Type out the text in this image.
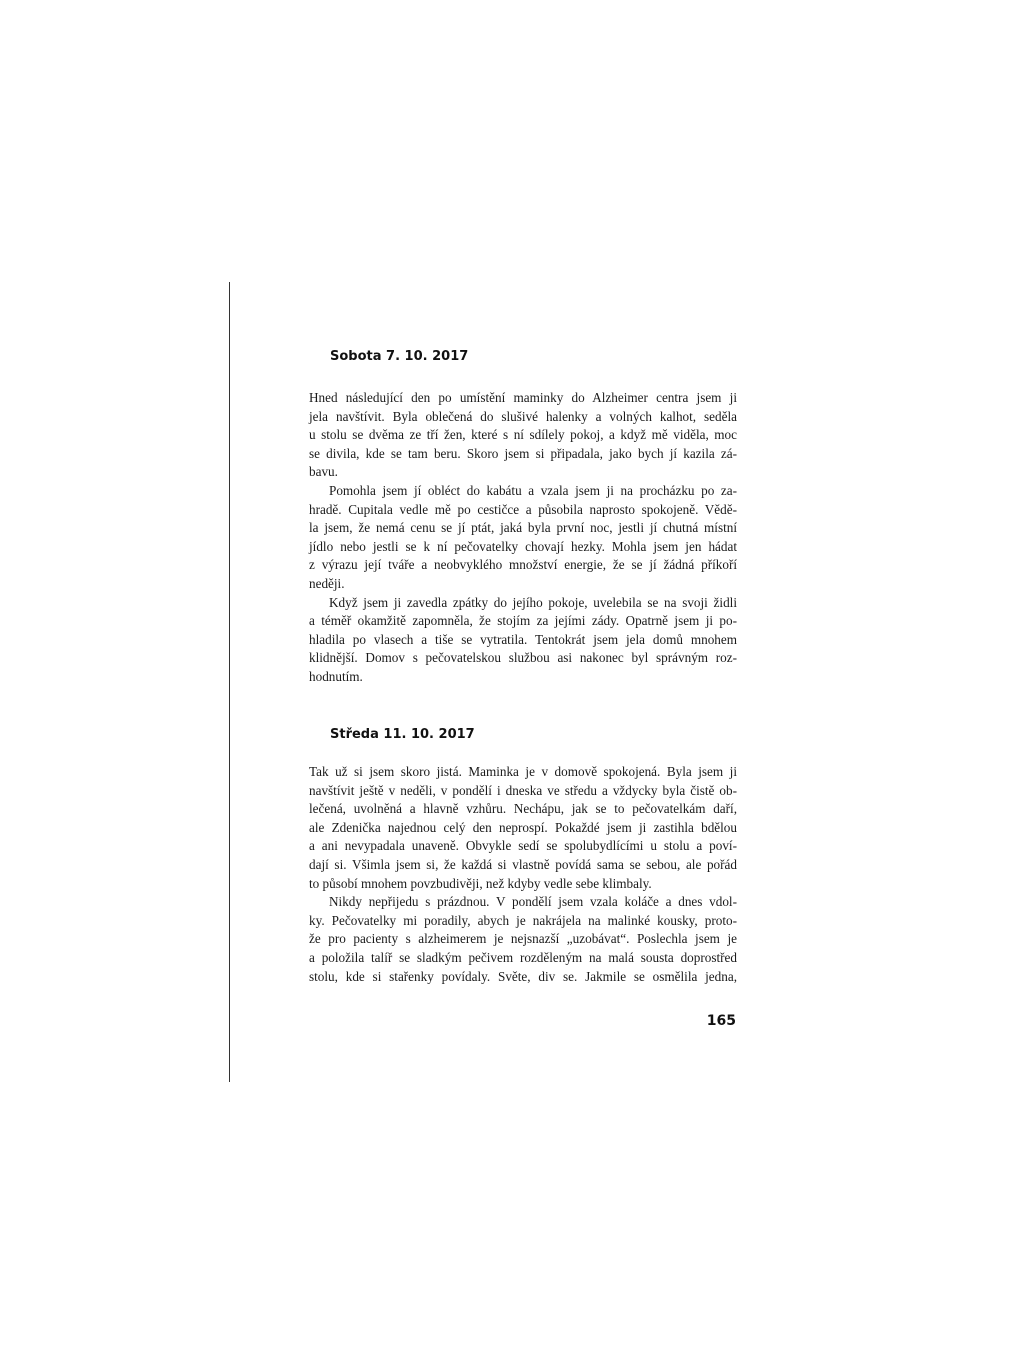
Sobota 7. 10. 2017
Hned následující den po umístění maminky do Alzheimer centra jsem ji
jela navštívit. Byla oblečená do slušivé halenky a volných kalhot, seděla
u stolu se dvěma ze tří žen, které s ní sdílely pokoj, a když mě viděla, moc
se divila, kde se tam beru. Skoro jsem si připadala, jako bych jí kazila zá-
bavu.
Pomohla jsem jí obléct do kabátu a vzala jsem ji na procházku po za-
hradě. Cupitala vedle mě po cestičce a působila naprosto spokojeně. Vědě-
la jsem, že nemá cenu se jí ptát, jaká byla první noc, jestli jí chutná místní
jídlo nebo jestli se k ní pečovatelky chovají hezky. Mohla jsem jen hádat
z výrazu její tváře a neobvyklého množství energie, že se jí žádná příkoří
neději.
Když jsem ji zavedla zpátky do jejího pokoje, uvelebila se na svoji židli
a téměř okamžitě zapomněla, že stojím za jejími zády. Opatrně jsem ji po-
hladila po vlasech a tiše se vytratila. Tentokrát jsem jela domů mnohem
klidnější. Domov s pečovatelskou službou asi nakonec byl správným roz-
hodnutím.
Středa 11. 10. 2017
Tak už si jsem skoro jistá. Maminka je v domově spokojená. Byla jsem ji
navštívit ještě v neděli, v pondělí i dneska ve středu a vždycky byla čistě ob-
lečená, uvolněná a hlavně vzhůru. Nechápu, jak se to pečovatelkám daří,
ale Zdenička najednou celý den neprospí. Pokaždé jsem ji zastihla bdělou
a ani nevypadala unaveně. Obvykle sedí se spolubydlícími u stolu a poví-
dají si. Všimla jsem si, že každá si vlastně povídá sama se sebou, ale pořád
to působí mnohem povzbudivěji, než kdyby vedle sebe klimbaly.
Nikdy nepřijedu s prázdnou. V pondělí jsem vzala koláče a dnes vdol-
ky. Pečovatelky mi poradily, abych je nakrájela na malinké kousky, proto-
že pro pacienty s alzheimerem je nejsnazší „uzobávat“. Poslechla jsem je
a položila talíř se sladkým pečivem rozděleným na malá sousta doprostřed
stolu, kde si stařenky povídaly. Světe, div se. Jakmile se osmělila jedna,
165
